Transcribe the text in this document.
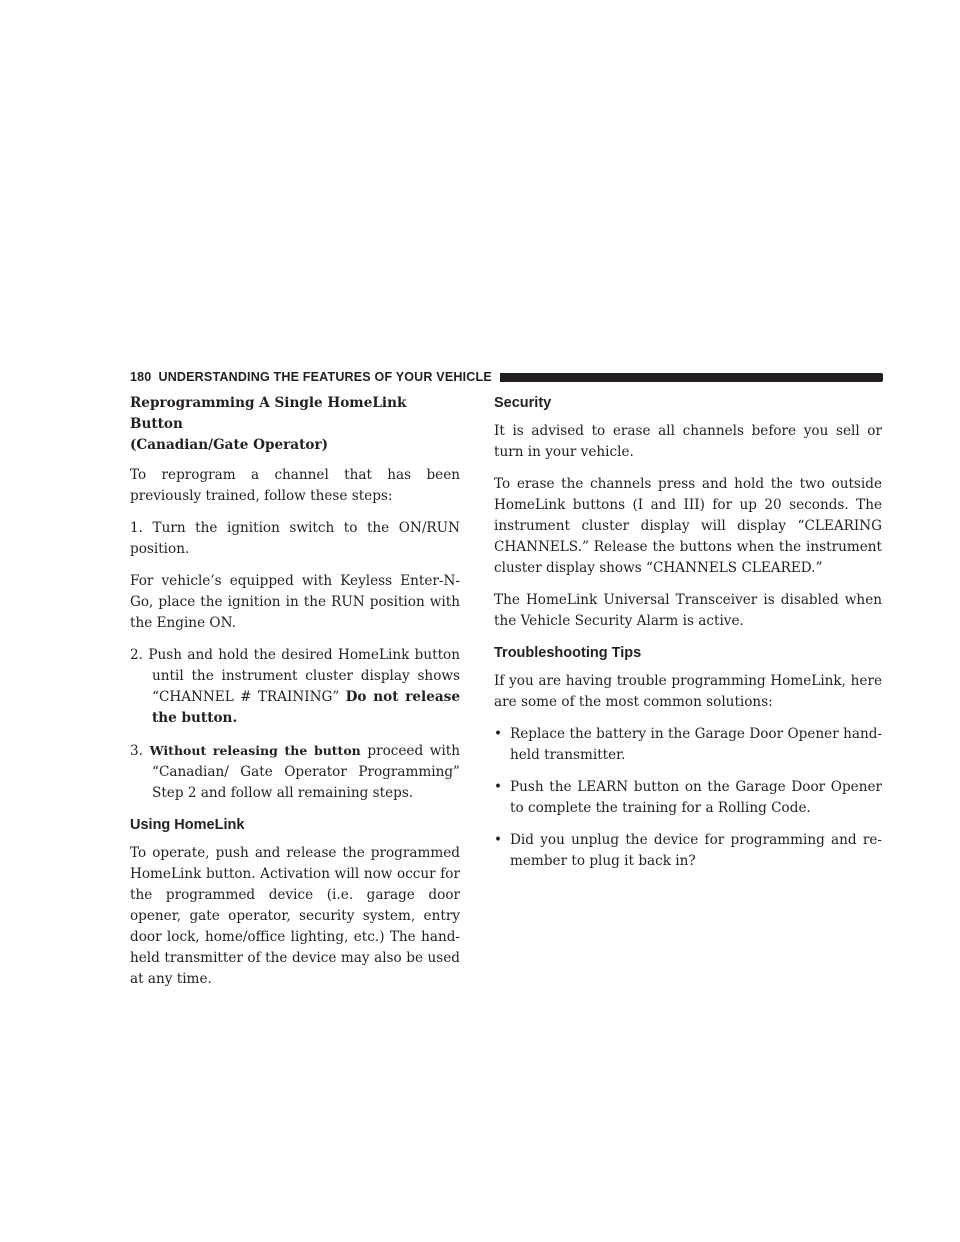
180 UNDERSTANDING THE FEATURES OF YOUR VEHICLE
Reprogramming A Single HomeLink Button
(Canadian/Gate Operator)

To reprogram a channel that has been previously trained, follow these steps:

1. Turn the ignition switch to the ON/RUN position.

For vehicle’s equipped with Keyless Enter-N-Go, place the ignition in the RUN position with the Engine ON.

2. Push and hold the desired HomeLink button until the instrument cluster display shows “CHANNEL # TRAINING” Do not release the button.

3. Without releasing the button proceed with “Canadian/ Gate Operator Programming” Step 2 and follow all remaining steps.

Using HomeLink

To operate, push and release the programmed HomeLink button. Activation will now occur for the programmed device (i.e. garage door opener, gate operator, security system, entry door lock, home/office lighting, etc.) The hand-held transmitter of the device may also be used at any time.

Security

It is advised to erase all channels before you sell or turn in your vehicle.

To erase the channels press and hold the two outside HomeLink buttons (I and III) for up 20 seconds. The instrument cluster display will display “CLEARING CHANNELS.” Release the buttons when the instrument cluster display shows “CHANNELS CLEARED.”

The HomeLink Universal Transceiver is disabled when the Vehicle Security Alarm is active.

Troubleshooting Tips

If you are having trouble programming HomeLink, here are some of the most common solutions:

• Replace the battery in the Garage Door Opener hand-held transmitter.
• Push the LEARN button on the Garage Door Opener to complete the training for a Rolling Code.
• Did you unplug the device for programming and re-member to plug it back in?
